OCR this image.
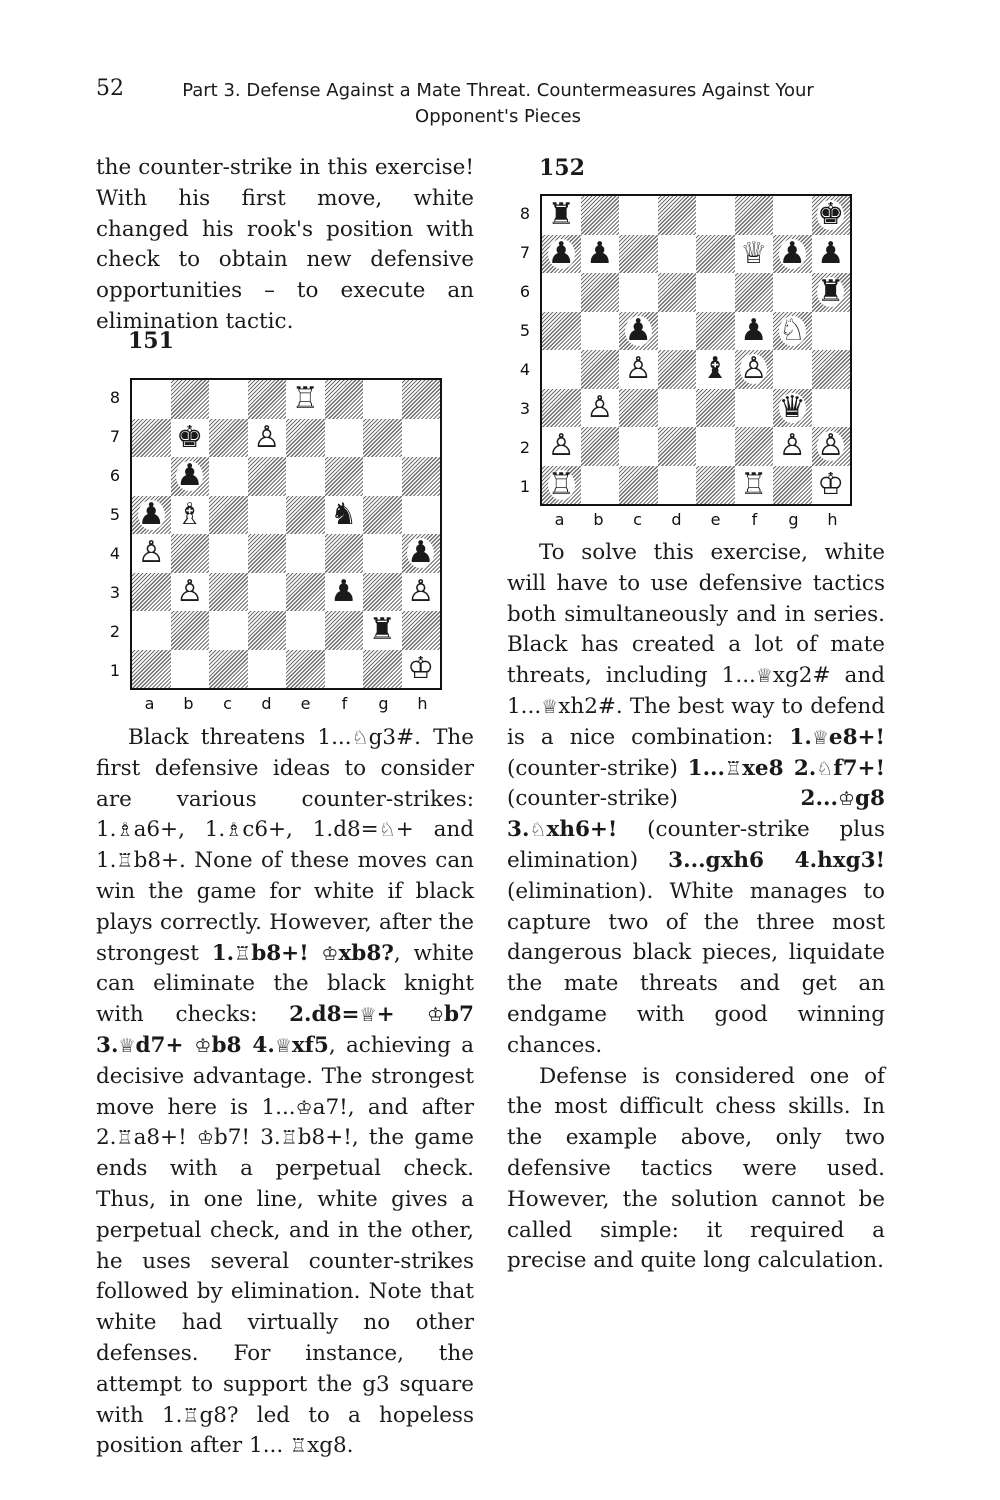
52	Part 3. Defense Against a Mate Threat. Countermeasures Against Your
Opponent's Pieces

the counter-strike in this exercise! With his first move, white changed his rook's position with check to obtain new defensive opportunities – to execute an elimination tactic.

151
♖
♚ ♙
♟
♟ ♗	♞
♙	♟
♙	♟ ♙
♜
♔
8
7
6
5
4
3
2
1
a	b	c	d	e	f	g	h

Black threatens 1...♘g3#. The first defensive ideas to consider are various counter-strikes: 1.♗a6+, 1.♗c6+, 1.d8=♘+ and 1.♖b8+. None of these moves can win the game for white if black plays correctly. However, after the strongest 1.♖b8+! ♔xb8?, white can eliminate the black knight with checks: 2.d8=♕+ ♔b7 3.♕d7+ ♔b8 4.♕xf5, achieving a decisive advantage. The strongest move here is 1...♔a7!, and after 2.♖a8+! ♔b7! 3.♖b8+!, the game ends with a perpetual check. Thus, in one line, white gives a perpetual check, and in the other, he uses several counter-strikes followed by elimination. Note that white had virtually no other defenses. For instance, the attempt to support the g3 square with 1.♖g8? led to a hopeless position after 1... ♖xg8.

152
♜	♚
♟ ♟	♕ ♟ ♟
♜
♟	♟ ♘
♙ ♝ ♙
♙	♛
♙	♙ ♙
♖	♖ ♔
8
7
6
5
4
3
2
1
a	b	c	d	e	f	g	h

To solve this exercise, white will have to use defensive tactics both simultaneously and in series. Black has created a lot of mate threats, including 1...♕xg2# and 1...♕xh2#. The best way to defend is a nice combination: 1.♕e8+! (counter-strike) 1...♖xe8 2.♘f7+! (counter-strike) 2...♔g8 3.♘xh6+! (counter-strike plus elimination) 3...gxh6 4.hxg3! (elimination). White manages to capture two of the three most dangerous black pieces, liquidate the mate threats and get an endgame with good winning chances.

Defense is considered one of the most difficult chess skills. In the example above, only two defensive tactics were used. However, the solution cannot be called simple: it required a precise and quite long calculation.
